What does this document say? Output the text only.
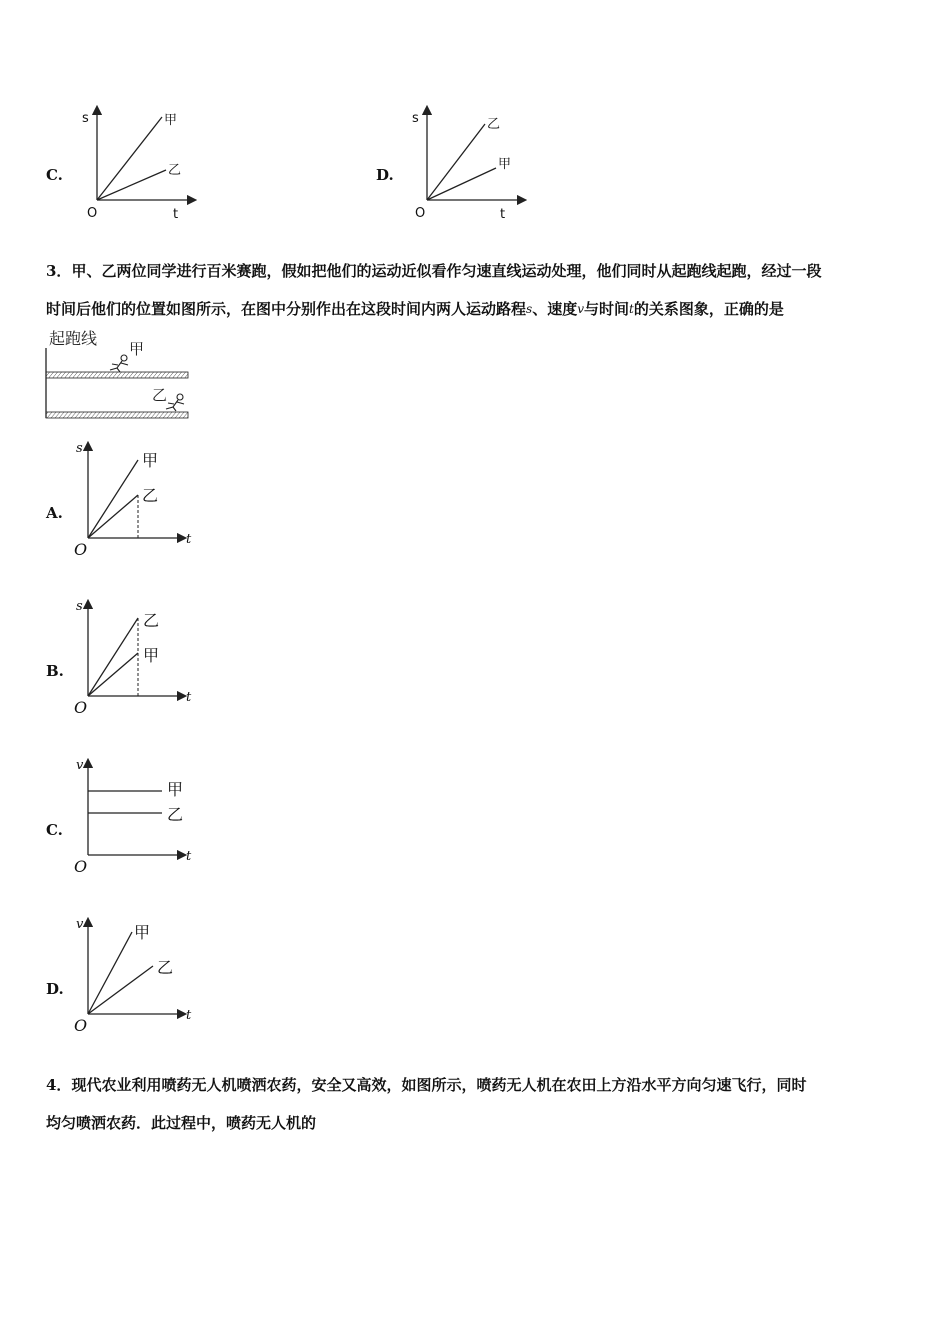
C.
s
t
O
甲
乙	D.
s
t
O
乙
甲
3．甲、乙两位同学进行百米赛跑，假如把他们的运动近似看作匀速直线运动处理，他们同时从起跑线起跑，经过一段
时间后他们的位置如图所示，在图中分别作出在这段时间内两人运动路程$^s$、速度$^v$与时间$^t$的关系图象，正确的是
起跑线
甲
乙
A.
s
t
O
甲
乙
B.
s
t
O
乙
甲
C.
v
t
O
甲
乙
D.
v
t
O
甲
乙
4．现代农业利用喷药无人机喷洒农药，安全又高效，如图所示，喷药无人机在农田上方沿水平方向匀速飞行，同时
均匀喷洒农药．此过程中，喷药无人机的
